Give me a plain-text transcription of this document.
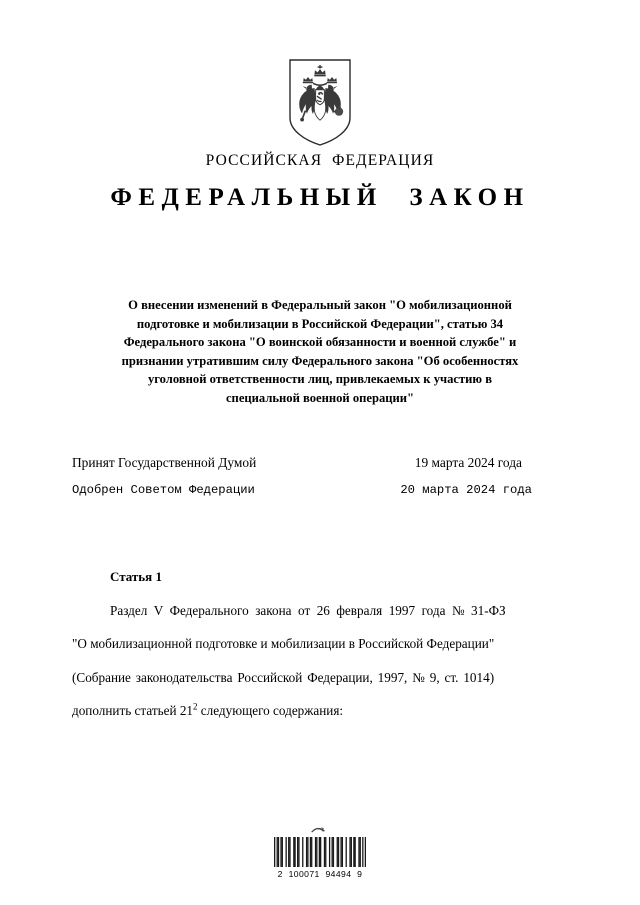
РОССИЙСКАЯ ФЕДЕРАЦИЯ
ФЕДЕРАЛЬНЫЙ ЗАКОН
О внесении изменений в Федеральный закон "О мобилизационной
подготовке и мобилизации в Российской Федерации", статью 34
Федерального закона "О воинской обязанности и военной службе" и
признании утратившим силу Федерального закона "Об особенностях
уголовной ответственности лиц, привлекаемых к участию в
специальной военной операции"
Принят Государственной Думой	19 марта 2024 года
Одобрен Советом Федерации	20 марта 2024 года
Статья 1
Раздел V Федерального закона от 26 февраля 1997 года № 31-ФЗ
"О мобилизационной подготовке и мобилизации в Российской Федерации"
(Собрание законодательства Российской Федерации, 1997, № 9, ст. 1014)
дополнить статьей $21^2$ следующего содержания:
2 100071 94494 9
